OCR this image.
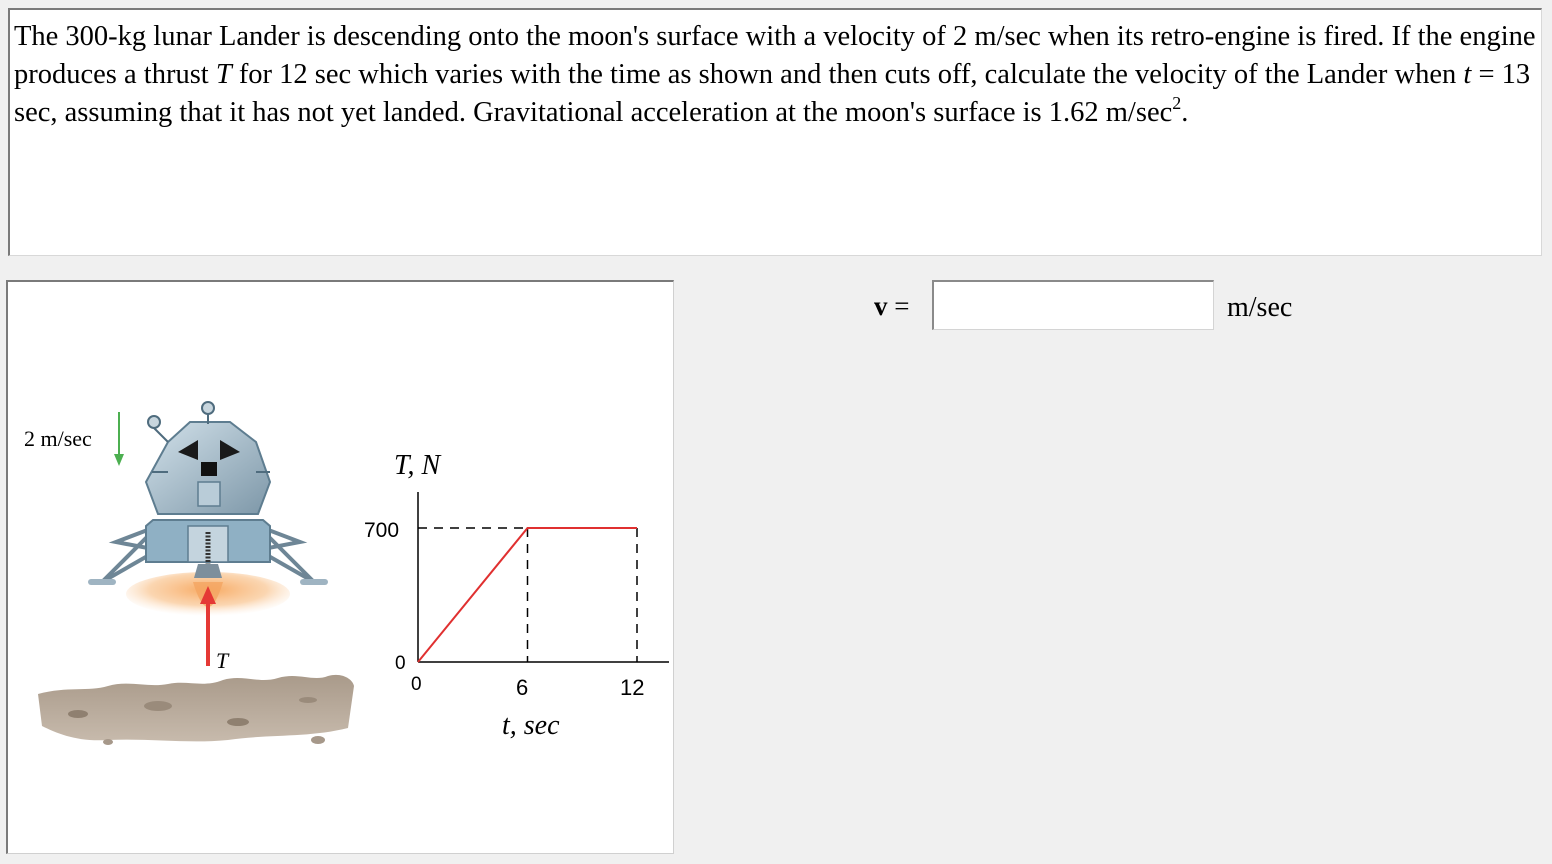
The 300-kg lunar Lander is descending onto the moon's surface with a velocity of 2 m/sec when its retro-engine is fired. If the engine produces a thrust T for 12 sec which varies with the time as shown and then cuts off, calculate the velocity of the Lander when t = 13 sec, assuming that it has not yet landed. Gravitational acceleration at the moon's surface is 1.62 $m/\sec^2$.

2 m/sec
T
T, N
700
0
0	6	12
t, sec
v =	m/sec
